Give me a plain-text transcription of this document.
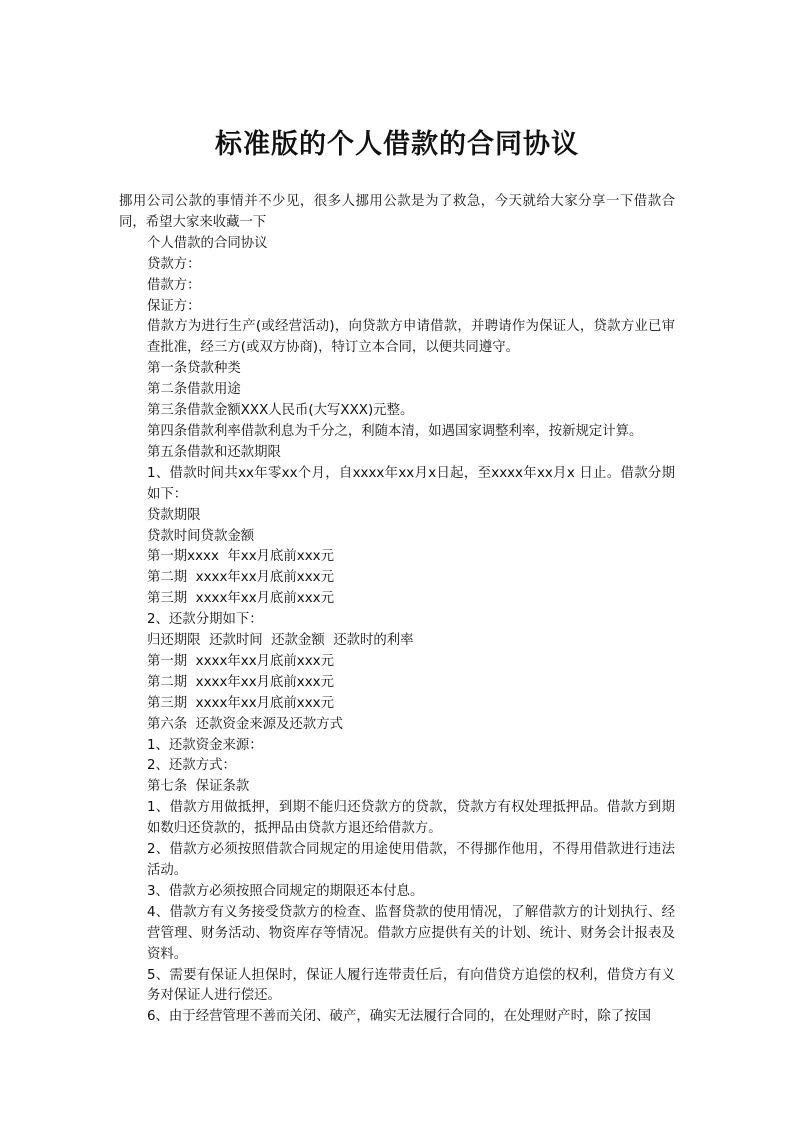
标准版的个人借款的合同协议

挪用公司公款的事情并不少见，很多人挪用公款是为了救急，今天就给大家分享一下借款合同，希望大家来收藏一下

个人借款的合同协议

贷款方：

借款方：

保证方：

借款方为进行生产(或经营活动)，向贷款方申请借款，并聘请作为保证人，贷款方业已审查批准，经三方(或双方协商)，特订立本合同，以便共同遵守。

第一条贷款种类

第二条借款用途

第三条借款金额XXX人民币(大写XXX)元整。

第四条借款利率借款利息为千分之，利随本清，如遇国家调整利率，按新规定计算。

第五条借款和还款期限

1、借款时间共xx年零xx个月，自xxxx年xx月x日起，至xxxx年xx月x 日止。借款分期如下：

贷款期限

贷款时间贷款金额

第一期xxxx  年xx月底前xxx元

第二期  xxxx年xx月底前xxx元

第三期  xxxx年xx月底前xxx元

2、还款分期如下：

归还期限  还款时间  还款金额  还款时的利率

第一期  xxxx年xx月底前xxx元

第二期  xxxx年xx月底前xxx元

第三期  xxxx年xx月底前xxx元

第六条  还款资金来源及还款方式

1、还款资金来源：

2、还款方式：

第七条  保证条款

1、借款方用做抵押，到期不能归还贷款方的贷款，贷款方有权处理抵押品。借款方到期如数归还贷款的，抵押品由贷款方退还给借款方。

2、借款方必须按照借款合同规定的用途使用借款，不得挪作他用，不得用借款进行违法活动。

3、借款方必须按照合同规定的期限还本付息。

4、借款方有义务接受贷款方的检查、监督贷款的使用情况，了解借款方的计划执行、经营管理、财务活动、物资库存等情况。借款方应提供有关的计划、统计、财务会计报表及资料。

5、需要有保证人担保时，保证人履行连带责任后，有向借贷方追偿的权利，借贷方有义务对保证人进行偿还。

6、由于经营管理不善而关闭、破产，确实无法履行合同的，在处理财产时，除了按国
